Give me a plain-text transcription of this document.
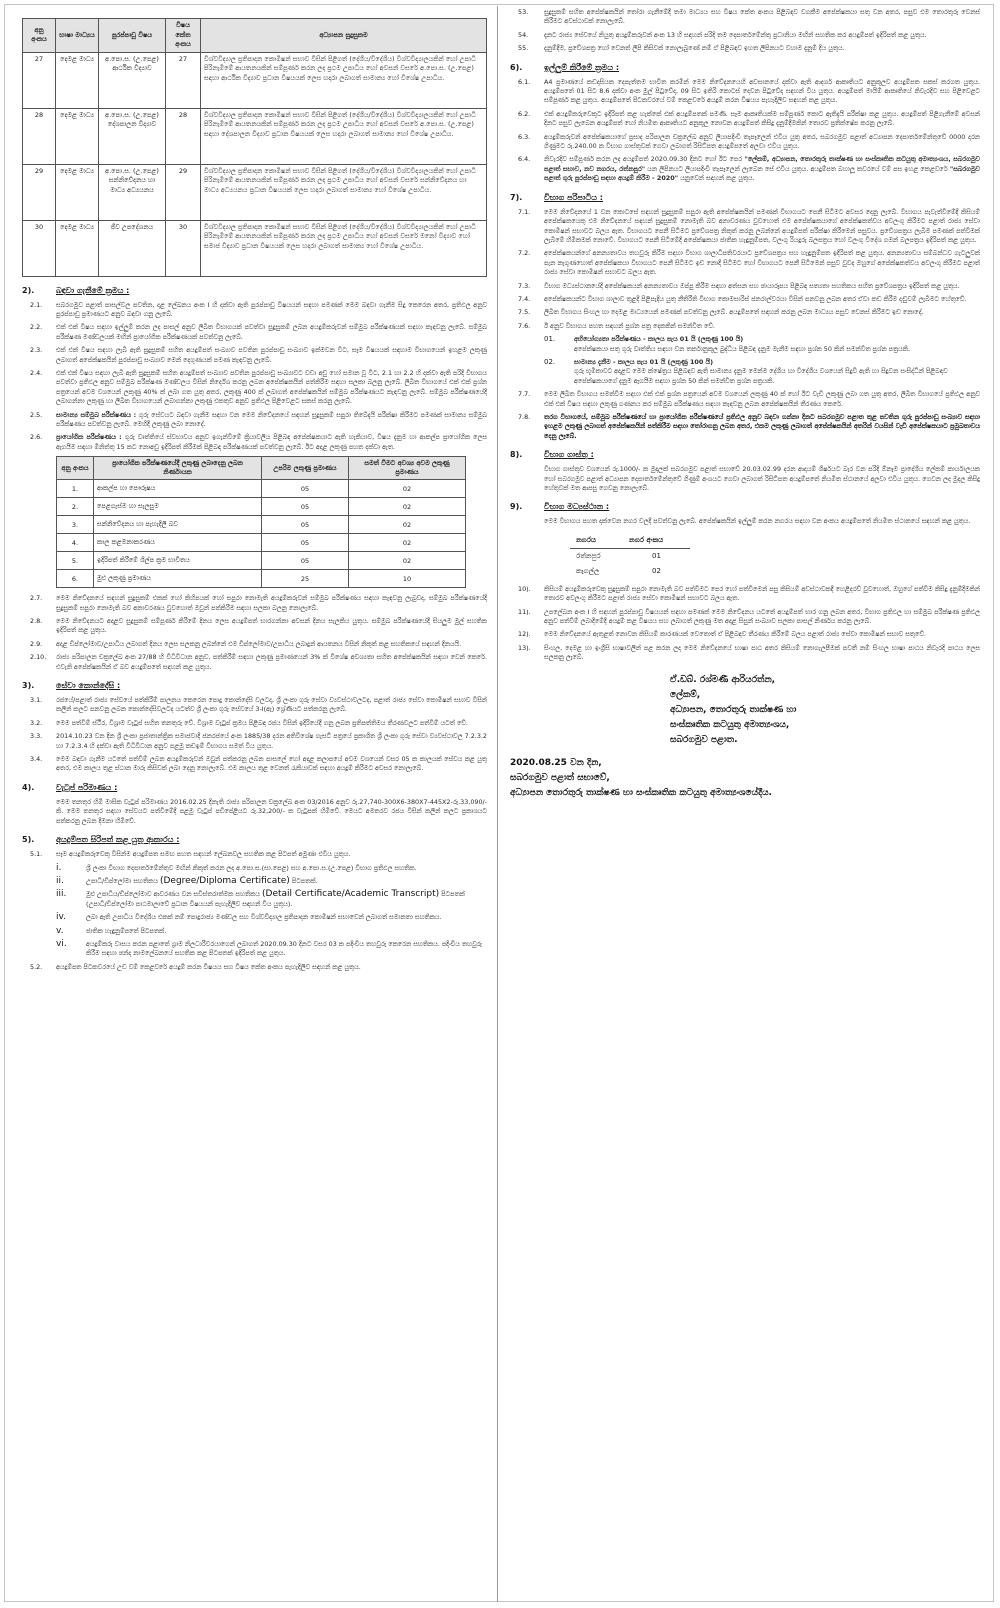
අනු අංකය	භාෂා මාධ්‍යය	පුරප්පාඩු විෂය	විෂය කේත අංකය	අධ්‍යාපන සුදුසුකම
27	දෙමළ මාධ්‍ය	අ.පො.ස. (උ.පෙළ) ආර්ථික විද්‍යාව	27	විශ්වවිද්‍යාල ප්‍රතිපාදන කොමිෂන් සභාව විසින් පිළිගත් (දේශීය/විදේශීය) විශ්වවිද්‍යාලයකින් හෝ උපාධි පිරිනැමීමේ ආයතනයකින් සම්පූර්ණ කරන ලද ප්‍රථම උපාධිය හෝ අවසන් වසරේ අ.පො.ස. (උ.පෙළ) සඳහා ආර්ථික විද්‍යාව ප්‍රධාන විෂයයක් ලෙස හදාරා ලබාගත් සාමාන්‍ය හෝ විශේෂ උපාධිය.
28	දෙමළ මාධ්‍ය	අ.පො.ස. (උ.පෙළ) දේශපාලන විද්‍යාව	28	විශ්වවිද්‍යාල ප්‍රතිපාදන කොමිෂන් සභාව විසින් පිළිගත් (දේශීය/විදේශීය) විශ්වවිද්‍යාලයකින් හෝ උපාධි පිරිනැමීමේ ආයතනයකින් සම්පූර්ණ කරන ලද ප්‍රථම උපාධිය හෝ අවසන් වසරේ අ.පො.ස. (උ.පෙළ) සඳහා දේශපාලන විද්‍යාව ප්‍රධාන විෂයයක් ලෙස හදාරා ලබාගත් සාමාන්‍ය හෝ විශේෂ උපාධිය.
29	දෙමළ මාධ්‍ය	අ.පො.ස. (උ.පෙළ) සන්නිවේදනය හා මාධ්‍ය අධ්‍යයනය	29	විශ්වවිද්‍යාල ප්‍රතිපාදන කොමිෂන් සභාව විසින් පිළිගත් (දේශීය/විදේශීය) විශ්වවිද්‍යාලයකින් හෝ උපාධි පිරිනැමීමේ ආයතනයකින් සම්පූර්ණ කරන ලද ප්‍රථම උපාධිය හෝ අවසන් වසරේ සන්නිවේදනය හා මාධ්‍ය අධ්‍යයනය ප්‍රධාන විෂයයක් ලෙස හදාරා ලබාගත් සාමාන්‍ය හෝ විශේෂ උපාධිය.
30	දෙමළ මාධ්‍ය	ජීව උපදේශනය	30	විශ්වවිද්‍යාල ප්‍රතිපාදන කොමිෂන් සභාව විසින් පිළිගත් (දේශීය/විදේශීය) විශ්වවිද්‍යාලයකින් හෝ උපාධි පිරිනැමීමේ ආයතනයකින් සම්පූර්ණ කරන ලද ප්‍රථම උපාධිය හෝ අවසන් වසරේ මනෝ විද්‍යාව හෝ සමාජ විද්‍යාව ප්‍රධාන විෂයයක් ලෙස හදාරා ලබාගත් සාමාන්‍ය හෝ විශේෂ උපාධිය.
2).	බඳවා ගැනීමේ ක්‍රමය :
2.1.	සබරගමුව පළාත් පාසල්වල පවතින, දළ ලේඛනය අංක I හි දක්වා ඇති පුරප්පාඩු විෂයයන් සඳහා පමණක් මෙම බඳවා ගැනීම සිදු කෙරෙන අතර, ප්‍රතිඵල අනුව පුරප්පාඩු ප්‍රමාණයට අනුව බඳවා ගනු ලැබේ.
2.2.	එක් එක් විෂය සඳහා ඉල්ලුම් කරන ලද පාසල් අනුව ලිඛිත විභාගයක් පවත්වා සුදුසුකම් ලබන අයදුම්කරුවන් සම්මුඛ පරීක්ෂණයක් සඳහා කැඳවනු ලැබේ. සම්මුඛ පරීක්ෂණ මණ්ඩලයක් මඟින් ප්‍රායෝගික පරීක්ෂණයක් පවත්වනු ලැබේ.
2.3.	එක් එක් විෂය සඳහා ලැබී ඇති සුදුසුකම් සහිත අයදුම්පත් සංඛ්‍යාව පවතින පුරප්පාඩු සංඛ්‍යාව ඉක්මවන විට, සෑම විෂයයක් සඳහාම විභාගයෙන් ඉහළම ලකුණු ලබාගත් අපේක්ෂකයින් පුරප්පාඩු සංඛ්‍යාව මෙන් දෙගුණයක් පමණ කැඳවනු ලැබේ.
2.4.	එක් එක් විෂය සඳහා ලැබී ඇති සුදුසුකම් සහිත අයදුම්පත් සංඛ්‍යාව පවතින පුරප්පාඩු සංඛ්‍යාවට වඩා අඩු හෝ සමාන වූ විට, 2.1 හා 2.2 හි දක්වා ඇති පරිදි විභාගය පවත්වා ප්‍රතිඵල අනුව සම්මුඛ පරීක්ෂණ මණ්ඩලය විසින් නිර්දේශ කරනු ලබන අපේක්ෂකයින් පත්කිරීම සඳහා සලකා බලනු ලැබේ. ලිඛිත විභාගයේ එක් එක් ප්‍රශ්න පත්‍රයෙන් අවම වශයෙන් ලකුණු 40% ක් ලබා ගත යුතු අතර, ලකුණු 400 ක් ලබාගත් අපේක්ෂකයින් සම්මුඛ පරීක්ෂණයට කැඳවනු ලැබේ. සම්මුඛ පරීක්ෂණයේදී ලබාගන්නා ලකුණු හා ලිඛිත විභාගයෙන් ලබාගන්නා ලකුණු එකතුව අනුව ප්‍රතිඵල පිළිවෙළට සකස් කරනු ලැබේ.
2.5.	සාමාන්‍ය සම්මුඛ පරීක්ෂණය : ගුරු සේවයට බඳවා ගැනීම සඳහා වන මෙම නිවේදනයේ සඳහන් සුදුසුකම් සපුරා තිබේදැයි පරීක්ෂා කිරීමට පමණක් සාමාන්‍ය සම්මුඛ පරීක්ෂණය පවත්වනු ලැබේ. මෙහිදී ලකුණු ලබා නොදේ.
2.6.	ප්‍රායෝගික පරීක්ෂණය : ගුරු වෘත්තියේ ස්වභාවය අනුව ඉගැන්වීමේ ක්‍රියාවලිය පිළිබඳ අපේක්ෂකයාට ඇති හැකියාව, විෂය දැනුම හා ආකල්ප ප්‍රායෝගික ලෙස ඇගයීම සඳහා මිනිත්තු 15 කට නොඅඩු ඉදිරිපත් කිරීමක් පිළිබඳ පරීක්ෂණයක් පවත්වනු ලැබේ. ඊට අදාළ ලකුණු පහත දක්වා ඇත.
අනු අංකය	ප්‍රායෝගික පරීක්ෂණයේදී ලකුණු ලබාදෙනු ලබන නිර්ණායක	උපරිම ලකුණු ප්‍රමාණය	සමත් වීමට අවශ්‍ය අවම ලකුණු ප්‍රමාණය
1.	ආකල්ප හා පෞරුෂය	05	02
2.	පෙළගැස්ම හා සැලසුම	05	02
3.	සන්නිවේදනය හා පැහැදිලි බව	05	02
4.	කාල කළමනාකරණය	05	02
5.	ඉදිරිපත් කිරීමේ ශිල්ප ක්‍රම භාවිතය	05	02
6.	මුළු ලකුණු ප්‍රමාණය	25	10
2.7.	මෙම නිවේදනයේ සඳහන් සුදුසුකම් එකක් හෝ කිහිපයක් හෝ සපුරා නොමැති අයදුම්කරුවන් සම්මුඛ පරීක්ෂණය සඳහා කැඳවනු ලැබුවද, සම්මුඛ පරීක්ෂණයේදී සුදුසුකම් සපුරා නොමැති බව අනාවරණය වුවහොත් ඔවුන් පත්කිරීම සඳහා සලකා බලනු නොලැබේ.
2.8.	මෙම නිවේදනයට අදාළව සුදුසුකම් සම්පූර්ණ කිරීමේ දිනය ලෙස අයදුම්පත් භාරගන්නා අවසන් දිනය සැලකිය යුතුය. සම්මුඛ පරීක්ෂණයේදී සියලුම මුල් සහතික ඉදිරිපත් කළ යුතුය.
2.9.	අදාළ ඩිප්ලෝමාව/උපාධිය ලබාගත් දිනය ලෙස සලකනු ලබන්නේ එම ඩිප්ලෝමාව/උපාධිය ලබාදුන් ආයතනය විසින් නිකුත් කළ සහතිකයේ සඳහන් දිනයයි.
2.10.	රාජ්‍ය පරිපාලන චක්‍රලේඛ අංක 27/88 හි විධිවිධාන අනුව, පත්කිරීම් සඳහා ලකුණු ප්‍රමාණයෙන් 3% ක් විශේෂ අවශ්‍යතා සහිත අපේක්ෂකයින් සඳහා වෙන් කෙරේ. එවැනි අපේක්ෂකයින් ඒ බව අයදුම්පතේ සඳහන් කළ යුතුය.
3).	සේවා කොන්දේසි :
3.1.	රජයේ/පළාත් රාජ්‍ය සේවයේ පත්කිරීම් පාලනය කෙරෙන පොදු කොන්දේසි වලටද, ශ්‍රී ලංකා ගුරු සේවා ව්‍යවස්ථාවලටද, පළාත් රාජ්‍ය සේවා කොමිෂන් සභාව විසින් කලින් කලට පනවනු ලබන කොන්දේසිවලටද යටත්ව ශ්‍රී ලංකා ගුරු සේවයේ 3-I(ඇ) ශ්‍රේණියට පත්කරනු ලැබේ.
3.2.	මෙම පත්වීම් ස්ථිර, විශ්‍රාම වැටුප් සහිත තනතුරු වේ. විශ්‍රාම වැටුප් ක්‍රමය පිළිබඳ රජය විසින් ඉදිරියේදී ගනු ලබන ප්‍රතිපත්තිමය තීරණවලට පත්වීම් යටත් වේ.
3.3.	2014.10.23 වන දින ශ්‍රී ලංකා ප්‍රජාතාන්ත්‍රික සමාජවාදී ජනරජයේ අංක 1885/38 දරන අතිවිශේෂ ගැසට් පත්‍රයේ ප්‍රකාශිත ශ්‍රී ලංකා ගුරු සේවා ව්‍යවස්ථාවල 7.2.3.2 හා 7.2.3.4 හි දක්වා ඇති විධිවිධාන අනුව පළමු කඩඉම් විභාගය සමත් විය යුතුය.
3.4.	මෙම බඳවා ගැනීම යටතේ පත්වීම් ලබන අයදුම්කරුවන් ඔවුන් පත්කරනු ලබන පාසලේ හෝ අදාළ කලාපයේ අවම වශයෙන් වසර 05 ක කාලයක් සේවය කළ යුතු අතර, එම කාලය තුළ ස්ථාන මාරු කිසිවක් ලබා දෙනු නොලැබේ. එම කාලය තුළ වෙනත් රැකියාවක් සඳහා අයදුම් කිරීමට අවසර නොලැබේ.
4).	වැටුප් පරිමාණය :
මෙම තනතුර හිමි මාසික වැටුප් පරිමාණය 2016.02.25 දිනැති රාජ්‍ය පරිපාලන චක්‍රලේඛ අංක 03/2016 අනුව රු.27,740-300X6-380X7-445X2-රු.33,090/- කි. මෙම තනතුර සඳහා සේවයට පත්වීමේදී පළමු වැටුප් පඩිපේළියට රු.32,200/- ක වැටුපක් හිමිවේ. මෙයට අමතරව රජය විසින් කලින් කලට ප්‍රකාශයට පත්කරනු ලබන දීමනා හිමිවේ.
5).	අයදුම්පත සිරිපත් කළ යුතු ආකාරය :
5.1.	සෑම අයදුම්කරුවෙකු විසින්ම අයදුම්පත සමඟ පහත සඳහන් ලේඛනවල සහතික කළ පිටපත් අමුණා එවිය යුතුය.
i.	ශ්‍රී ලංකා විභාග දෙපාර්තමේන්තුව මඟින් නිකුත් කරන ලද අ.පො.ස.(සා.පෙළ) සහ අ.පො.ස.(උ.පෙළ) විභාග ප්‍රතිඵල සහතික.
ii.	උපාධි/ඩිප්ලෝමා සහතිකය (Degree/Diploma Certificate) පිටපතක්.
iii.	මුළු උපාධිය/ඩිප්ලෝමාව ආවරණය වන සවිස්තරාත්මක සහතිකය (Detail Certificate/Academic Transcript) පිටපතක් (උපාධි/ඩිප්ලෝමා පාඨමාලාවේ ප්‍රධාන විෂයයන් පැහැදිලිව සඳහන් විය යුතුය).
iv.	ලබා ඇති උපාධිය විදේශීය එකක් නම් පොදුරාජ්‍ය මණ්ඩල සහ විශ්වවිද්‍යාල ප්‍රතිපාදන කොමිෂන් සභාවෙන් ලබාගත් සමානතා සහතිකය.
v.	ජාතික හැඳුනුම්පතේ පිටපතක්.
vi.	අයදුම්කරු වාසය කරන පළාතේ ග්‍රාම නිලධාරීවරයාගෙන් ලබාගත් 2020.09.30 දිනට වසර 03 ක පදිංචිය තහවුරු කෙරෙන සහතිකය. පදිංචිය තහවුරු කිරීම සඳහා ඡන්ද නාමලේඛනයේ සහතික කළ පිටපතක් ඉදිරිපත් කළ යුතුය.
5.2.	අයදුම්පත පිටකවරයේ උඩ වම් කෙළවරේ අයදුම් කරන විෂයය සහ විෂය කේත අංකය පැහැදිලිව සඳහන් කළ යුතුය.
53.	සුදුසුකම් සහිත අපේක්ෂකයින් තෝරා ගැනීමේදී තමා මාධ්‍යය සහ විෂය කේත අංකය පිළිබඳව වගකීම අපේක්ෂකයා සතු වන අතර, පසුව එම තොරතුරු වෙනස් කිරීමට අවස්ථාවක් නොලැබේ.
54.	දැනට රාජ්‍ය සේවයේ නියුතු අයදුම්කරුවන් අංක 13 හි සඳහන් පරිදි තම දෙපාර්තමේන්තු ප්‍රධානියා මඟින් සහතික කර අයදුම්පත් ඉදිරිපත් කළ යුතුය.
55.	දැනුම්දීම, ප්‍රවේශපත්‍ර හෝ වෙනත් ලිපි කිසිවක් නොලැබුණේ නම් ඒ පිළිබඳව ඉහත ලිපිනයට වහාම දැනුම් දිය යුතුය.
6).	ඉල්ලුම් කිරීමේ ක්‍රමය :
6.1.	A4 ප්‍රමාණයේ කඩදාසියක දෙපැත්තම භාවිත කරමින් මෙම නිවේදනයෙහි අවසානයේ දක්වා ඇති ආදර්ශ ආකෘතියට අනුකූලව අයදුම්පත සකස් කරගත යුතුය. අයදුම්පතේ 01 සිට 8.6 දක්වා අංක මුල් පිටුවේද, 09 සිට ඉතිරි කොටස් දෙවන පිටුවේද සඳහන් විය යුතුය. අයදුම්පත් මායිම් ආකෘතියේ නිවැරදිව සහ පිළිවෙළට සම්පූර්ණ කළ යුතුය. අයදුම්පතේ පිටකවරයේ වම් කෙළවරේ අයදුම් කරන විෂයය පැහැදිලිව සඳහන් කළ යුතුය.
6.2.	එක් අයදුම්කරුවෙකුට ඉදිරිපත් කළ හැක්කේ එක් අයදුම්පතක් පමණි. සෑම ආකෘතියක්ම සම්පූර්ණ කොට ඇතිදැයි පරීක්ෂා කළ යුතුය. අයදුම්පත් පිළිගැනීමේ අවසන් දිනට පසුව ලැබෙන අයදුම්පත් හෝ නියමිත ආකෘතියට අනුකූල නොවන අයදුම්පත් කිසිදු දැනුම්දීමකින් තොරව ප්‍රතික්ෂේප කරනු ලැබේ.
6.3.	අයදුම්කරුවන් අපේක්ෂකයාගේ ප්‍රසාද පරිපාලන චක්‍රලේඛ අනුව ලියාපදිංචි තැපෑලෙන් එවිය යුතු අතර, සබරගමුව පළාත් අධ්‍යාපන දෙපාර්තමේන්තුවේ 0000 දරන ගිණුමට රු.240.00 ක විභාග ගාස්තුවක් ගෙවා ලබාගත් රිසිට්පත අයදුම්පතේ අලවා එවිය යුතුය.
6.4.	නිවැරදිව සම්පූර්ණ කරන ලද අයදුම්පත් 2020.09.30 දිනට හෝ ඊට පෙර "ලේකම්, අධ්‍යාපන, තොරතුරු තාක්ෂණ හා සංස්කෘතික කටයුතු අමාත්‍යංශය, සබරගමුව පළාත් සභාව, නව නගරය, රත්නපුර" යන ලිපිනයට ලියාපදිංචි තැපෑලෙන් ලැබෙන සේ එවිය යුතුය. අයදුම්පත බහාලූ කවරයේ වම් පස ඉහළ කෙළවරේ "සබරගමුව පළාත් ගුරු පුරප්පාඩු සඳහා අයදුම් කිරීම - 2020" යනුවෙන් සඳහන් කළ යුතුය.
7).	විභාග පරිපාටිය :
7.1.	මෙම නිවේදනයේ 1 වන කොටසේ සඳහන් සුදුසුකම් සපුරා ඇති අපේක්ෂකයින් පමණක් විභාගයට පෙනී සිටීමට අවසර දෙනු ලැබේ. විභාගය පැවැත්වීමේදී කිසියම් අපේක්ෂකයෙකු එම නිවේදනයේ සඳහන් සුදුසුකම් නොමැති බව අනාවරණය වුවහොත් එම අපේක්ෂකයාගේ අපේක්ෂකත්වය අවලංගු කිරීමට පළාත් රාජ්‍ය සේවා කොමිෂන් සභාවට බලය ඇත. විභාගයට පෙනී සිටීමට ප්‍රවේශපත්‍ර නිකුත් කරනු ලබන්නේ අයදුම්පත් පරීක්ෂා කිරීමෙන් පසුවය. ප්‍රවේශපත්‍රය ලැබීම පමණක් පත්වීමක් ලැබීමේ හිමිකමක් නොවේ. විභාගයට පෙනී සිටීමේදී අපේක්ෂකයා ජාතික හැඳුනුම්පත, වලංගු රියදුරු බලපත්‍රය හෝ වලංගු විදේශ ගමන් බලපත්‍රය ඉදිරිපත් කළ යුතුය.
7.2.	අපේක්ෂකයන්ගේ අනන්‍යතාවය තහවුරු කිරීම සඳහා විභාග ශාලාධිපතිවරයාට ප්‍රවේශපත්‍රය සහ හැඳුනුම්පත ඉදිරිපත් කළ යුතුය. අනන්‍යතාවය සම්බන්ධව ගැටලුවක් පැන නැගුණහොත් අපේක්ෂකයා විභාගයට පෙනී සිටීමට ඉඩ නොදී සිටීමට හෝ විභාගයට පෙනී සිටීමෙන් පසුව වුවද ඔහුගේ අපේක්ෂකත්වය අවලංගු කිරීමට පළාත් රාජ්‍ය සේවා කොමිෂන් සභාවට බලය ඇත.
7.3.	විභාග මධ්‍යස්ථානයේදී අපේක්ෂකයන් අනන්‍යතාවය ඔප්පු කිරීම සඳහා අත්සන සහ ඡායාරූපය පිළිබඳ සත්‍යතා සහතිකය සහිත ප්‍රවේශපත්‍රය ඉදිරිපත් කළ යුතුය.
7.4.	අපේක්ෂකයන්ට විභාග ශාලාව තුළදී පිළිපැදිය යුතු නීතිරීති විභාග කොමසාරිස් ජනරාල්වරයා විසින් පනවනු ලබන අතර ඒවා කඩ කිරීම දඬුවම් ලැබීමට හේතුවේ.
7.5.	ලිඛිත විභාගය සිංහල හා දෙමළ මාධ්‍යයෙන් පමණක් පවත්වනු ලැබේ. අයදුම්පතේ සඳහන් කරනු ලබන මාධ්‍යය පසුව වෙනස් කිරීමට ඉඩ නොදේ.
7.6.	ඊ අනුව විභාගය පහත සඳහන් ප්‍රශ්න පත්‍ර දෙකකින් සමන්විත වේ.
01.	අභියෝග්‍යතා පරීක්ෂණය - කාලය පැය 01 යි (ලකුණු 100 යි)
අපේක්ෂකයා සතු ගුරු වෘත්තිය සඳහා වන තර්කානුකූල බුද්ධිය පිළිබඳ දැනුම මැනීම සඳහා ප්‍රශ්න 50 කින් සමන්විත ප්‍රශ්න පත්‍රයකි.
02.	සාමාන්‍ය දැනීම - කාලය පැය 01 යි (ලකුණු 100 යි)
ගුරු භූමිකාවට අදාළව මෙම ක්ෂේත්‍රය පිළිබඳව ඇති සාමාන්‍ය දැනුම මෙන්ම දේශීය හා විදේශීය වශයෙන් සිදුවී ඇති හා සිදුවන සංසිද්ධීන් පිළිබඳව අපේක්ෂකයාගේ දැනුම ඇගයීම සඳහා ප්‍රශ්න 50 කින් සමන්විත ප්‍රශ්න පත්‍රයකි.
7.7.	මෙම ලිඛිත විභාගය සමත්වීම සඳහා එක් එක් ප්‍රශ්න පත්‍රයෙන් අවම වශයෙන් ලකුණු 40 ක් හෝ ඊට වැඩි ලකුණු ලබා ගත යුතු අතර, ලිඛිත විභාගයේ ප්‍රතිඵල අනුව එක් එක් විෂය සඳහා ලකුණු ගණනය කර සම්මුඛ පරීක්ෂණය සඳහා කැඳවනු ලබන අපේක්ෂකයින් තීරණය කෙරේ.
7.8.	තරග විභාගයේ, සම්මුඛ පරීක්ෂණයේ හා ප්‍රායෝගික පරීක්ෂණයේ ප්‍රතිඵල අනුව බඳවා ගන්නා දිනට සබරගමුව පළාත තුළ පවතින ගුරු පුරප්පාඩු සංඛ්‍යාව සඳහා ඉහළම ලකුණු ලබාගත් අපේක්ෂකයින් පත්කිරීම සඳහා තෝරාගනු ලබන අතර, එකම ලකුණු ලබාගත් අපේක්ෂකයින් අතරින් වයසින් වැඩි අපේක්ෂකයාට ප්‍රමුඛතාවය දෙනු ලැබේ.
8).	විභාග ගාස්තු :
විභාග ගාස්තුව වශයෙන් රු.1000/- ක මුදලක් සබරගමුව පළාත් සභාවේ 20.03.02.99 දරන ආදායම් ශීර්ෂයට බැර වන පරිදි ඕනෑම ප්‍රාදේශීය ලේකම් කාර්යාලයක හෝ සබරගමුව පළාත් අධ්‍යාපන දෙපාර්තමේන්තුවේ ගිණුම් අංශයට ගෙවා ලබාගත් රිසිට්පත අයදුම්පතේ නියමිත ස්ථානයේ අලවා එවිය යුතුය. ගෙවන ලද මුදල කිසිදු හේතුවක් මත ආපසු ගෙවනු නොලැබේ.
9).	විභාග මධ්‍යස්ථාන :
මෙම විභාගය පහත දක්වෙන නගර වලදී පවත්වනු ලැබේ. අපේක්ෂකයින් ඉල්ලුම් කරන නගරය සඳහා වන අංකය අයදුම්පතේ නියමිත ස්ථානයේ සඳහන් කළ යුතුය.
නගරය	නගර අංකය
රත්නපුර	01
කෑගල්ල	02
10).	කිසියම් අයදුම්කරුවෙකු සුදුසුකම් සපුරා නොමැති බව පත්වීමට පෙර හෝ පත්වීමෙන් පසු කිසියම් අවස්ථාවකදී හෙළිදරව් වුවහොත්, ඔහුගේ පත්වීම කිසිදු දැනුම්දීමකින් තොරව අවලංගු කිරීමට පළාත් රාජ්‍ය සේවා කොමිෂන් සභාවට බලය ඇත.
11).	උපලේඛන අංක I හි සඳහන් පුරප්පාඩු විෂයයන් සඳහා පමණක් මෙම නිවේදනය යටතේ අයදුම්පත් භාර ගනු ලබන අතර, විභාග ප්‍රතිඵල හා සම්මුඛ පරීක්ෂණ ප්‍රතිඵල අනුව පත්වීම් ලබාදීමේදී අයදුම් කළ විෂයය සහ ලබාගත් ලකුණු මත අදාළ සිසුන් සංඛ්‍යාව සලකා පාසල් නිර්ණය කරනු ලැබේ.
12).	මෙම නිවේදනයේ ඇතුළත් නොවන කිසියම් කාරණයක් වෙතොත් ඒ පිළිබඳව තීරණය කිරීමේ බලය පළාත් රාජ්‍ය සේවා කොමිෂන් සභාව සතුවේ.
13).	සිංහල, දෙමළ හා ඉංග්‍රීසි භාෂාවලින් පළ කරන ලද මෙම නිවේදනයේ භාෂා පාඨ අතර කිසියම් නොගැලපීමක් පවතී නම් සිංහල භාෂා පාඨය නිවැරදි පාඨය ලෙස සලකනු ලැබේ.
ඒ.ඩබ්. රශ්මණී ආරියරත්න,
ලේකම්,
අධ්‍යාපන, තොරතුරු තාක්ෂණ හා
සංස්කෘතික කටයුතු අමාත්‍යංශය,
සබරගමුව පළාත.
2020.08.25 වන දින,
සබරගමුව පළාත් සභාවේ,
අධ්‍යාපන තොරතුරු තාක්ෂණ හා සංස්කෘතික කටයුතු අමාත්‍යංශයේදීය.
